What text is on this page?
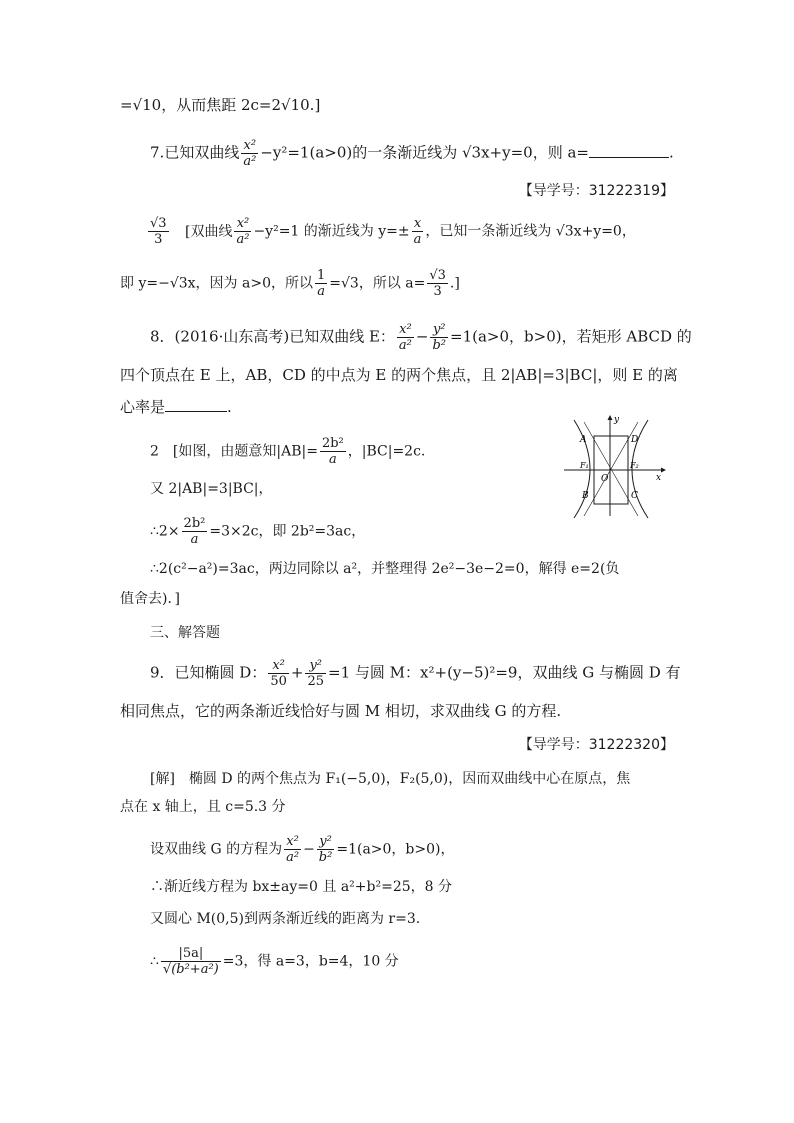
=√10，从而焦距 2c=2√10.]
7.已知双曲线 $\frac{\text{x²}}{\text{a²}} -y^2=1(a>0)$的一条渐近线为 √3x+y=0，则 a=	.
【导学号：31222319】
$\frac{√3}{3}$ [双曲线 $\frac{\text{x²}}{\text{a²}} -y^2=1$ 的渐近线为 $y=\pm \frac{x}{a}$ ，已知一条渐近线为 √3x+y=0，
即 y=−√3x，因为 a>0，所以 $\frac{1}{a} =√3$，所以 $a= \frac{√3}{3}$ .]
8．(2016·山东高考)已知双曲线 E： $\frac{\text{x²}}{\text{a²}} - \frac{\text{y²}}{\text{b²}} =1(a>0$，b>0)，若矩形 ABCD 的
四个顶点在 E 上，AB，CD 的中点为 E 的两个焦点，且 2|AB|=3|BC|，则 E 的离
心率是	.
2　[如图，由题意知$|AB|= \frac{\text{2b²}}{a}$ ，|BC|=2c.
又 2|AB|=3|BC|，
∴2× $\frac{\text{2b²}}{a} =3\times 2c$，即 2b²=3ac，
∴2(c²−a²)=3ac，两边同除以 a²，并整理得 2e²−3e−2=0，解得 e=2(负
值舍去)．]
A	D
B	C
F₁	F₂
O	x
y
三、解答题
9．已知椭圆 D： $\frac{\text{x²}}{50} + \frac{\text{y²}}{25} =1$ 与圆 M：x²+(y−5)²=9，双曲线 G 与椭圆 D 有
相同焦点，它的两条渐近线恰好与圆 M 相切，求双曲线 G 的方程.
【导学号：31222320】
[解]　椭圆 D 的两个焦点为 F₁(−5,0)，F₂(5,0)，因而双曲线中心在原点，焦
点在 x 轴上，且 c=5.3 分
设双曲线 G 的方程为 $\frac{\text{x²}}{\text{a²}} - \frac{\text{y²}}{\text{b²}} =1(a>0$，b>0)，
∴渐近线方程为 bx±ay=0 且 a²+b²=25，8 分
又圆心 M(0,5)到两条渐近线的距离为 r=3.
∴ $\frac{|5a|}{\text{√(b²+a²)}} =3$，得 a=3，b=4，10 分
